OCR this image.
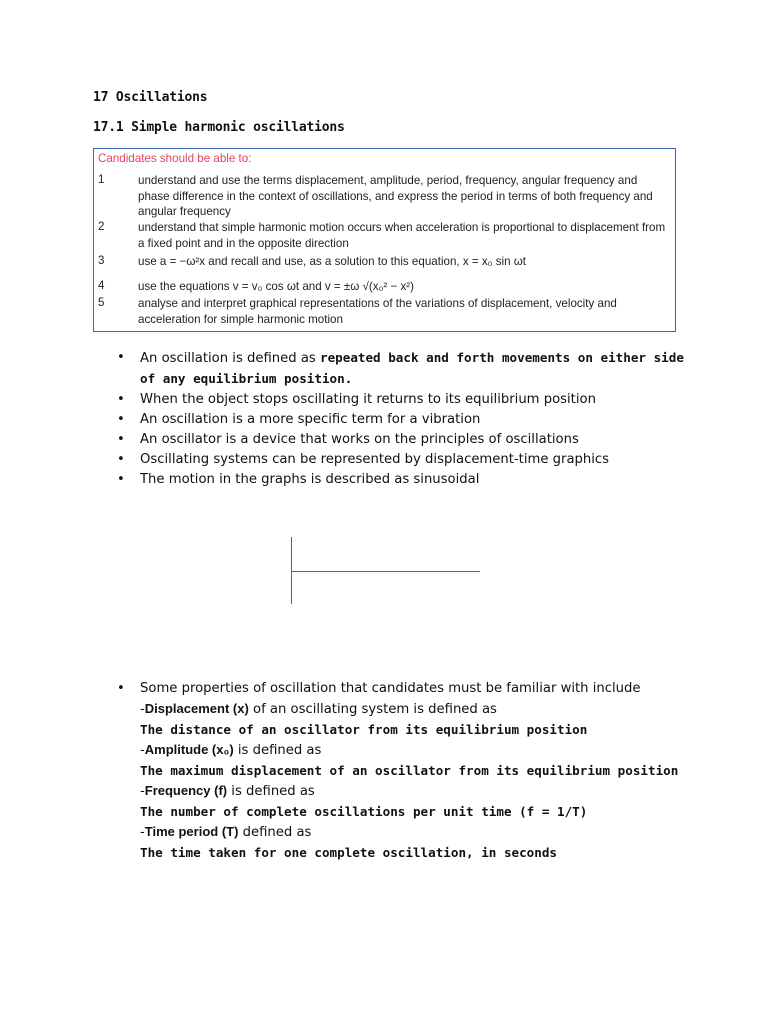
17 Oscillations
17.1 Simple harmonic oscillations
Candidates should be able to:
1	understand and use the terms displacement, amplitude, period, frequency, angular frequency and phase difference in the context of oscillations, and express the period in terms of both frequency and angular frequency
2	understand that simple harmonic motion occurs when acceleration is proportional to displacement from a fixed point and in the opposite direction
3	use a = −ω²x and recall and use, as a solution to this equation, x = x₀ sin ωt
4	use the equations v = v₀ cos ωt and v = ±ω √(x₀² − x²)
5	analyse and interpret graphical representations of the variations of displacement, velocity and acceleration for simple harmonic motion
• An oscillation is defined as repeated back and forth movements on either side of any equilibrium position.
• When the object stops oscillating it returns to its equilibrium position
• An oscillation is a more specific term for a vibration
• An oscillator is a device that works on the principles of oscillations
• Oscillating systems can be represented by displacement-time graphics
• The motion in the graphs is described as sinusoidal
• Some properties of oscillation that candidates must be familiar with include
-Displacement (x) of an oscillating system is defined as
The distance of an oscillator from its equilibrium position
-Amplitude (x₀) is defined as
The maximum displacement of an oscillator from its equilibrium position
-Frequency (f) is defined as
The number of complete oscillations per unit time (f = 1/T)
-Time period (T) defined as
The time taken for one complete oscillation, in seconds
